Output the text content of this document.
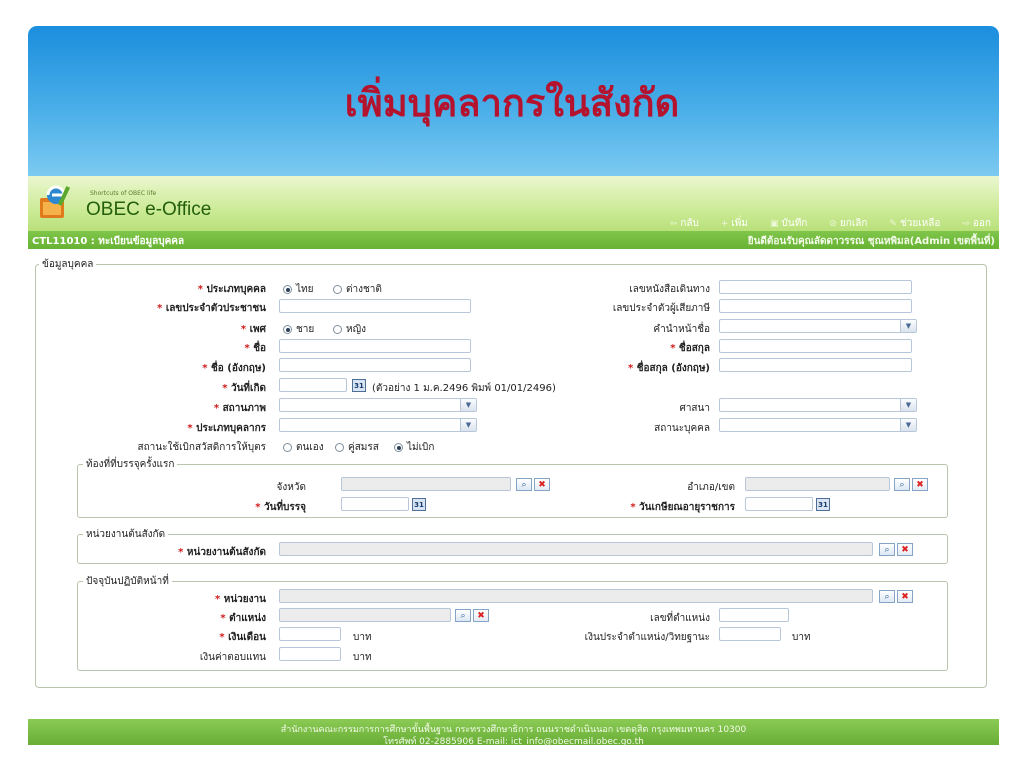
เพิ่มบุคลากรในสังกัด
Shortcuts of OBEC life
OBEC e-Office
⇦ กลับ + เพิ่ม ▣ บันทึก ⊘ ยกเลิก ✎ ช่วยเหลือ ⇨ ออก
CTL11010 : ทะเบียนข้อมูลบุคคล	ยินดีต้อนรับคุณลัดดาวรรณ ชุณหพิมล(Admin เขตพื้นที่)
ข้อมูลบุคคล
* ประเภทบุคคล	ไทย	ต่างชาติ	เลขหนังสือเดินทาง
* เลขประจำตัวประชาชน	เลขประจำตัวผู้เสียภาษี
* เพศ	ชาย	หญิง	คำนำหน้าชื่อ	▼
* ชื่อ	* ชื่อสกุล
* ชื่อ (อังกฤษ)	* ชื่อสกุล (อังกฤษ)
* วันที่เกิด	31 (ตัวอย่าง 1 ม.ค.2496 พิมพ์ 01/01/2496)
* สถานภาพ	▼	ศาสนา	▼
* ประเภทบุคลากร	▼	สถานะบุคคล	▼
สถานะใช้เบิกสวัสดิการให้บุตร	ตนเอง คู่สมรส	ไม่เบิก
ท้องที่ที่บรรจุครั้งแรก
จังหวัด	⌕	✖	อำเภอ/เขต	⌕	✖
* วันที่บรรจุ	31	* วันเกษียณอายุราชการ	31
หน่วยงานต้นสังกัด
* หน่วยงานต้นสังกัด	⌕	✖
ปัจจุบันปฏิบัติหน้าที่
* หน่วยงาน	⌕	✖
* ตำแหน่ง	⌕	✖	เลขที่ตำแหน่ง
* เงินเดือน	บาท	เงินประจำตำแหน่ง/วิทยฐานะ	บาท
เงินค่าตอบแทน	บาท
สำนักงานคณะกรรมการการศึกษาขั้นพื้นฐาน กระทรวงศึกษาธิการ ถนนราชดำเนินนอก เขตดุสิต กรุงเทพมหานคร 10300
โทรศัพท์ 02-2885906 E-mail: ict_info@obecmail.obec.go.th
